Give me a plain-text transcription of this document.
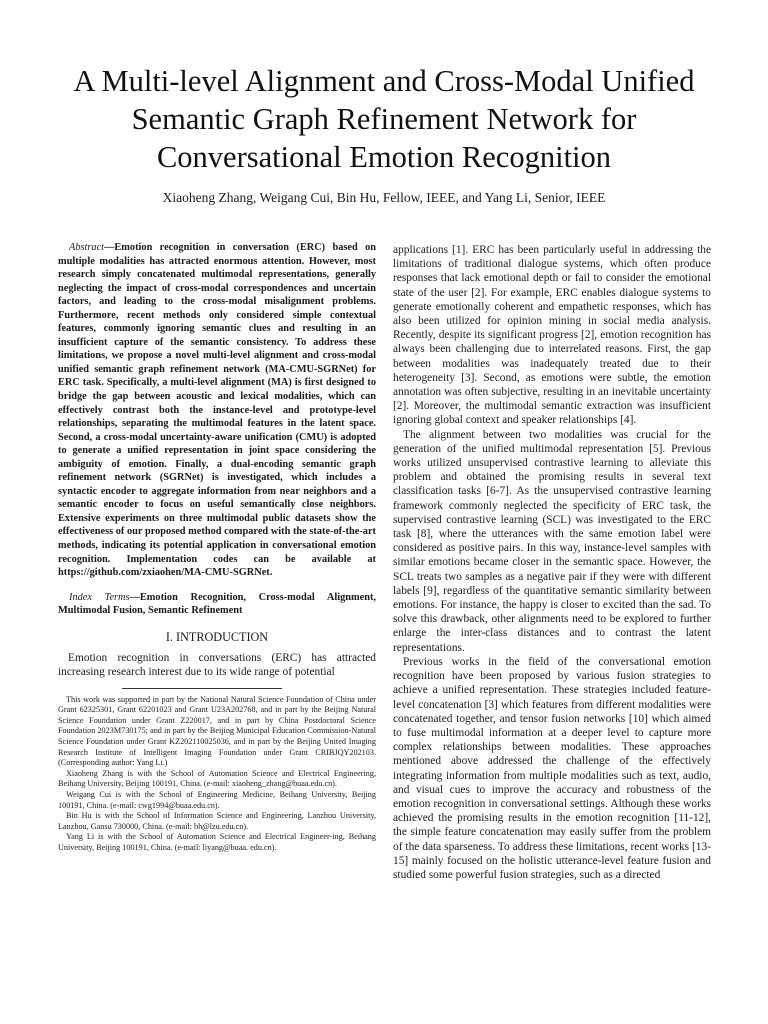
A Multi-level Alignment and Cross-Modal Unified Semantic Graph Refinement Network for Conversational Emotion Recognition
Xiaoheng Zhang, Weigang Cui, Bin Hu, Fellow, IEEE, and Yang Li, Senior, IEEE

Abstract—Emotion recognition in conversation (ERC) based on multiple modalities has attracted enormous attention. However, most research simply concatenated multimodal representations, generally neglecting the impact of cross-modal correspondences and uncertain factors, and leading to the cross-modal misalignment problems. Furthermore, recent methods only considered simple contextual features, commonly ignoring semantic clues and resulting in an insufficient capture of the semantic consistency. To address these limitations, we propose a novel multi-level alignment and cross-modal unified semantic graph refinement network (MA-CMU-SGRNet) for ERC task. Specifically, a multi-level alignment (MA) is first designed to bridge the gap between acoustic and lexical modalities, which can effectively contrast both the instance-level and prototype-level relationships, separating the multimodal features in the latent space. Second, a cross-modal uncertainty-aware unification (CMU) is adopted to generate a unified representation in joint space considering the ambiguity of emotion. Finally, a dual-encoding semantic graph refinement network (SGRNet) is investigated, which includes a syntactic encoder to aggregate information from near neighbors and a semantic encoder to focus on useful semantically close neighbors. Extensive experiments on three multimodal public datasets show the effectiveness of our proposed method compared with the state-of-the-art methods, indicating its potential application in conversational emotion recognition. Implementation codes can be available at https://github.com/zxiaohen/MA-CMU-SGRNet.

Index Terms—Emotion Recognition, Cross-modal Alignment, Multimodal Fusion, Semantic Refinement

I. INTRODUCTION

Emotion recognition in conversations (ERC) has attracted increasing research interest due to its wide range of potential

This work was supported in part by the National Natural Science Foundation of China under Grant 62325301, Grant 62201023 and Grant U23A202768, and in part by the Beijing Natural Science Foundation under Grant Z220017, and in part by China Postdoctoral Science Foundation 2023M730175; and in part by the Beijing Municipal Education Commission-Natural Science Foundation under Grant KZ202110025036, and in part by the Beijing United Imaging Research Institute of Intelligent Imaging Foundation under Grant CRIBJQY202103. (Corresponding author: Yang Li.)

Xiaoheng Zhang is with the School of Automation Science and Electrical Engineering, Beihang University, Beijing 100191, China. (e-mail: xiaoheng_zhang@buaa.edu.cn).

Weigang Cui is with the School of Engineering Medicine, Beihang University, Beijing 100191, China. (e-mail: cwg1994@buaa.edu.cn).

Bin Hu is with the School of Information Science and Engineering, Lanzhou University, Lanzhou, Gansu 730000, China. (e-mail: bh@lzu.edu.cn).

Yang Li is with the School of Automation Science and Electrical Engineer-ing, Beihang University, Beijing 100191, China. (e-mail: liyang@buaa. edu.cn).

applications [1]. ERC has been particularly useful in addressing the limitations of traditional dialogue systems, which often produce responses that lack emotional depth or fail to consider the emotional state of the user [2]. For example, ERC enables dialogue systems to generate emotionally coherent and empathetic responses, which has also been utilized for opinion mining in social media analysis. Recently, despite its significant progress [2], emotion recognition has always been challenging due to interrelated reasons. First, the gap between modalities was inadequately treated due to their heterogeneity [3]. Second, as emotions were subtle, the emotion annotation was often subjective, resulting in an inevitable uncertainty [2]. Moreover, the multimodal semantic extraction was insufficient ignoring global context and speaker relationships [4].

The alignment between two modalities was crucial for the generation of the unified multimodal representation [5]. Previous works utilized unsupervised contrastive learning to alleviate this problem and obtained the promising results in several text classification tasks [6-7]. As the unsupervised contrastive learning framework commonly neglected the specificity of ERC task, the supervised contrastive learning (SCL) was investigated to the ERC task [8], where the utterances with the same emotion label were considered as positive pairs. In this way, instance-level samples with similar emotions became closer in the semantic space. However, the SCL treats two samples as a negative pair if they were with different labels [9], regardless of the quantitative semantic similarity between emotions. For instance, the happy is closer to excited than the sad. To solve this drawback, other alignments need to be explored to further enlarge the inter-class distances and to contrast the latent representations.

Previous works in the field of the conversational emotion recognition have been proposed by various fusion strategies to achieve a unified representation. These strategies included feature-level concatenation [3] which features from different modalities were concatenated together, and tensor fusion networks [10] which aimed to fuse multimodal information at a deeper level to capture more complex relationships between modalities. These approaches mentioned above addressed the challenge of the effectively integrating information from multiple modalities such as text, audio, and visual cues to improve the accuracy and robustness of the emotion recognition in conversational settings. Although these works achieved the promising results in the emotion recognition [11-12], the simple feature concatenation may easily suffer from the problem of the data sparseness. To address these limitations, recent works [13-15] mainly focused on the holistic utterance-level feature fusion and studied some powerful fusion strategies, such as a directed
